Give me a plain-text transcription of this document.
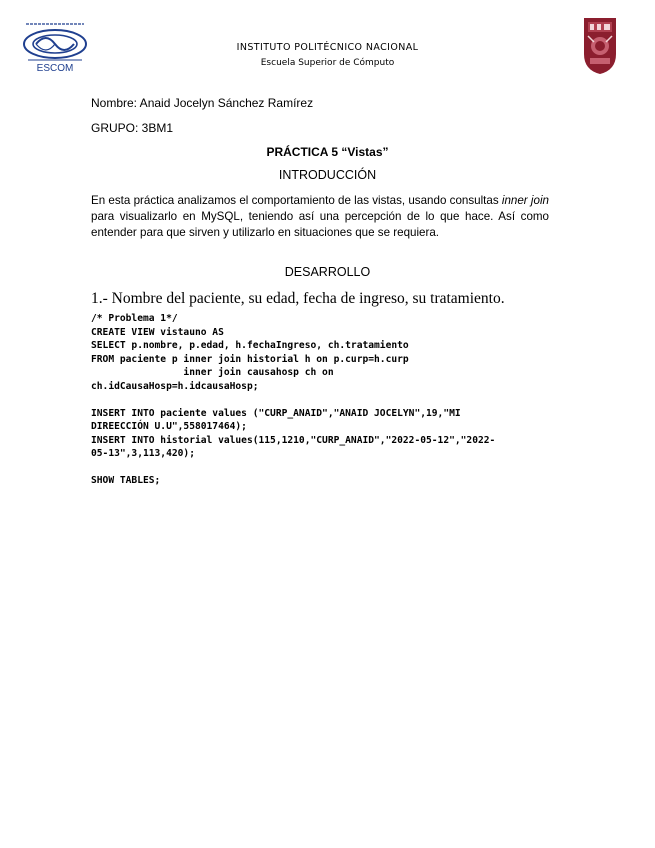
ESCOM
INSTITUTO POLITÉCNICO NACIONAL
Escuela Superior de Cómputo
Nombre: Anaid Jocelyn Sánchez Ramírez
GRUPO: 3BM1
PRÁCTICA 5 “Vistas”
INTRODUCCIÓN
En esta práctica analizamos el comportamiento de las vistas, usando consultas inner join para visualizarlo en MySQL, teniendo así una percepción de lo que hace. Así como entender para que sirven y utilizarlo en situaciones que se requiera.
DESARROLLO
1.- Nombre del paciente, su edad, fecha de ingreso, su tratamiento.
/* Problema 1*/
CREATE VIEW vistauno AS
SELECT p.nombre, p.edad, h.fechaIngreso, ch.tratamiento
FROM paciente p inner join historial h on p.curp=h.curp
inner join causahosp ch on
ch.idCausaHosp=h.idcausaHosp;

INSERT INTO paciente values ("CURP_ANAID","ANAID JOCELYN",19,"MI
DIREECCIÓN U.U",558017464);
INSERT INTO historial values(115,1210,"CURP_ANAID","2022-05-12","2022-
05-13",3,113,420);

SHOW TABLES;
